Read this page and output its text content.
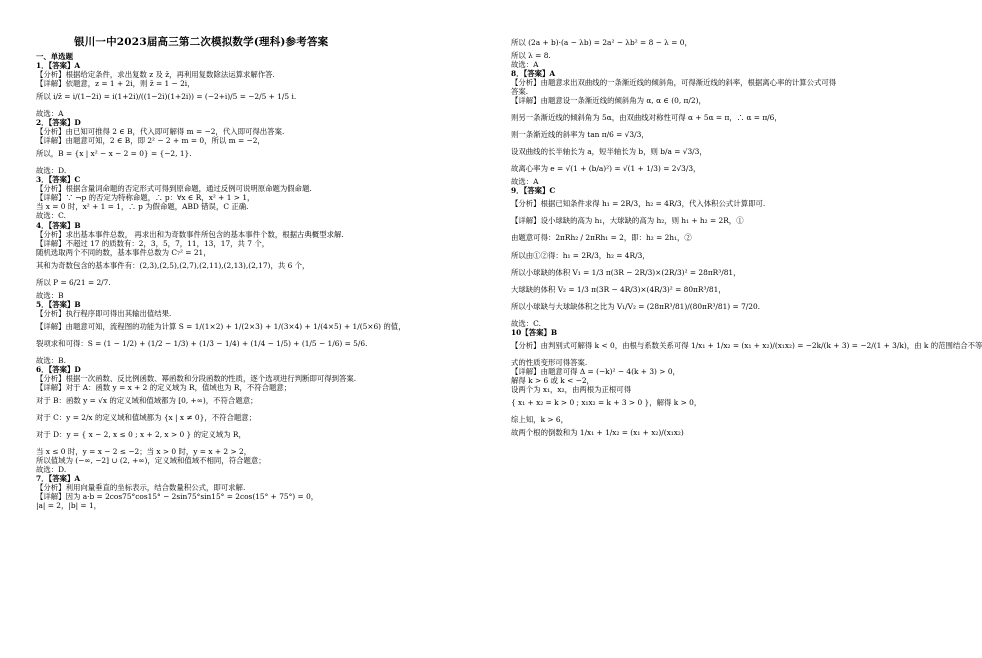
银川一中2023届高三第二次模拟数学(理科)参考答案
一、单选题
1．【答案】A
【分析】根据给定条件，求出复数 z 及 z̄，再利用复数除法运算求解作答.
【详解】依题意，z = 1 + 2i，则 z̄ = 1 − 2i，
所以 i/z̄ = i/(1−2i) = i(1+2i)/((1−2i)(1+2i)) = (−2+i)/5 = −2/5 + 1/5 i.
故选：A
2．【答案】D
【分析】由已知可推得 2 ∈ B，代入即可解得 m = −2，代入即可得出答案.
【详解】由题意可知，2 ∈ B，即 2² − 2 + m = 0，所以 m = −2，
所以，B = {x | x² − x − 2 = 0} = {−2, 1}.
故选：D.
3．【答案】C
【分析】根据含量词命题的否定形式可得到原命题，通过反例可说明原命题为假命题.
【详解】∵ ¬p 的否定为特称命题，∴ p：∀x ∈ R，x² + 1 > 1，
当 x = 0 时，x² + 1 = 1，∴ p 为假命题，ABD 错误，C 正确.
故选：C.
4．【答案】B
【分析】求出基本事件总数， 再求出和为奇数事件所包含的基本事件个数，根据古典概型求解.
【详解】不超过 17 的质数有：2，3，5，7，11，13，17，共 7 个，
随机选取两个不同的数，基本事件总数为 C₇² = 21，
其和为奇数包含的基本事件有：(2,3),(2,5),(2,7),(2,11),(2,13),(2,17)，共 6 个，
所以 P = 6/21 = 2/7.
故选：B
5．【答案】B
【分析】执行程序即可得出其输出值结果.
【详解】由题意可知，流程图的功能为计算 S = 1/(1×2) + 1/(2×3) + 1/(3×4) + 1/(4×5) + 1/(5×6) 的值，
裂项求和可得：S = (1 − 1/2) + (1/2 − 1/3) + (1/3 − 1/4) + (1/4 − 1/5) + (1/5 − 1/6) = 5/6.
故选：B.
6．【答案】D
【分析】根据一次函数、反比例函数、幂函数和分段函数的性质，逐个选项进行判断即可得到答案.
【详解】对于 A：函数 y = x + 2 的定义域为 R，值域也为 R，不符合题意；
对于 B：函数 y = √x 的定义域和值域都为 [0, +∞)，不符合题意；
对于 C：y = 2/x 的定义域和值域都为 {x | x ≠ 0}，不符合题意；
对于 D：y = { x − 2, x ≤ 0 ; x + 2, x > 0 } 的定义域为 R，
当 x ≤ 0 时，y = x − 2 ≤ −2；当 x > 0 时，y = x + 2 > 2，
所以值域为 (−∞, −2] ∪ (2, +∞)，定义域和值域不相同，符合题意；
故选：D.
7．【答案】A
【分析】利用向量垂直的坐标表示，结合数量积公式，即可求解.
【详解】因为 a·b = 2cos75°cos15° − 2sin75°sin15° = 2cos(15° + 75°) = 0，
|a| = 2，|b| = 1，
所以 (2a + b)·(a − λb) = 2a² − λb² = 8 − λ = 0，
所以 λ = 8.
故选：A
8．【答案】A
【分析】由题意求出双曲线的一条渐近线的倾斜角，可得渐近线的斜率，根据离心率的计算公式可得
答案.
【详解】由题意设一条渐近线的倾斜角为 α, α ∈ (0, π/2)，
则另一条渐近线的倾斜角为 5α，由双曲线对称性可得 α + 5α = π，∴ α = π/6，
则一条渐近线的斜率为 tan π/6 = √3/3，
设双曲线的长半轴长为 a，短半轴长为 b，则 b/a = √3/3，
故离心率为 e = √(1 + (b/a)²) = √(1 + 1/3) = 2√3/3，
故选：A
9．【答案】C
【分析】根据已知条件求得 h₁ = 2R/3，h₂ = 4R/3，代入体积公式计算即可.
【详解】设小球缺的高为 h₁，大球缺的高为 h₂，则 h₁ + h₂ = 2R，①
由题意可得：2πRh₂ / 2πRh₁ = 2，即：h₂ = 2h₁，②
所以由①②得：h₁ = 2R/3，h₂ = 4R/3，
所以小球缺的体积 V₁ = 1/3 π(3R − 2R/3)×(2R/3)² = 28πR³/81，
大球缺的体积 V₂ = 1/3 π(3R − 4R/3)×(4R/3)² = 80πR³/81，
所以小球缺与大球缺体积之比为 V₁/V₂ = (28πR³/81)/(80πR³/81) = 7/20.
故选：C.
10【答案】B
【分析】由判别式可解得 k < 0，由根与系数关系可得 1/x₁ + 1/x₂ = (x₁ + x₂)/(x₁x₂) = −2k/(k + 3) = −2/(1 + 3/k)，由 k 的范围结合不等
式的性质变形可得答案.
【详解】由题意可得 Δ = (−k)² − 4(k + 3) > 0，
解得 k > 6 或 k < −2，
设两个为 x₁，x₂，由两根为正根可得
{ x₁ + x₂ = k > 0 ; x₁x₂ = k + 3 > 0 }，解得 k > 0，
综上知，k > 6，
故两个根的倒数和为 1/x₁ + 1/x₂ = (x₁ + x₂)/(x₁x₂)
